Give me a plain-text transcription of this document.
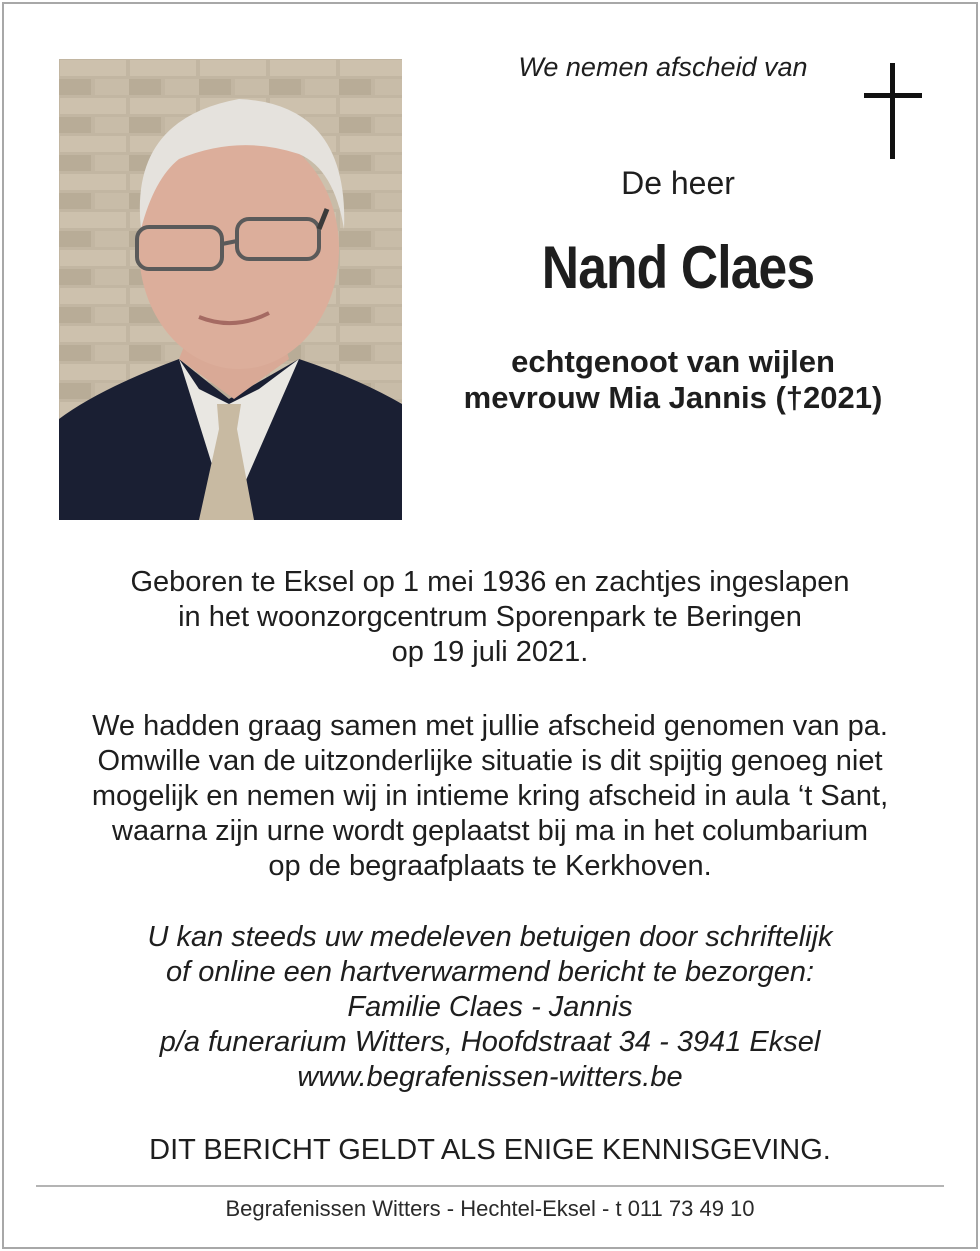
We nemen afscheid van
De heer
Nand Claes
echtgenoot van wijlen
mevrouw Mia Jannis (†2021)
Geboren te Eksel op 1 mei 1936 en zachtjes ingeslapen
in het woonzorgcentrum Sporenpark te Beringen
op 19 juli 2021.
We hadden graag samen met jullie afscheid genomen van pa.
Omwille van de uitzonderlijke situatie is dit spijtig genoeg niet
mogelijk en nemen wij in intieme kring afscheid in aula ‘t Sant,
waarna zijn urne wordt geplaatst bij ma in het columbarium
op de begraafplaats te Kerkhoven.
U kan steeds uw medeleven betuigen door schriftelijk
of online een hartverwarmend bericht te bezorgen:
Familie Claes - Jannis
p/a funerarium Witters, Hoofdstraat 34 - 3941 Eksel
www.begrafenissen-witters.be
DIT BERICHT GELDT ALS ENIGE KENNISGEVING.
Begrafenissen Witters - Hechtel-Eksel - t 011 73 49 10
